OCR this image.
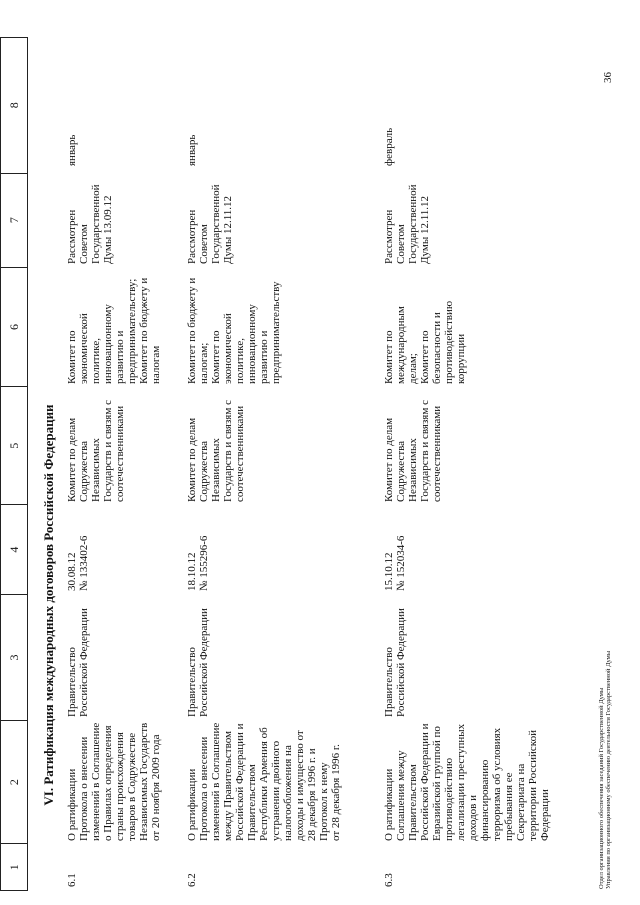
1
2
3
4
5
6
7
8
VI. Ратификация международных договоров Российской Федерации
6.1
О ратификации
Протокола о внесении
изменений в Соглашение
о Правилах определения
страны происхождения
товаров в Содружестве
Независимых Государств
от 20 ноября 2009 года
Правительство
Российской Федерации
30.08.12
№ 133402-6
Комитет по делам
Содружества
Независимых
Государств и связям с
соотечественниками
Комитет по
экономической
политике,
инновационному
развитию и
предпринимательству;
Комитет по бюджету и
налогам
Рассмотрен
Советом
Государственной
Думы 13.09.12
январь
6.2
О ратификации
Протокола о внесении
изменений в Соглашение
между Правительством
Российской Федерации и
Правительством
Республики Армения об
устранении двойного
налогообложения на
доходы и имущество от
28 декабря 1996 г. и
Протокол к нему
от 28 декабря 1996 г.
Правительство
Российской Федерации
18.10.12
№ 155296-6
Комитет по делам
Содружества
Независимых
Государств и связям с
соотечественниками
Комитет по бюджету и
налогам;
Комитет по
экономической
политике,
инновационному
развитию и
предпринимательству
Рассмотрен
Советом
Государственной
Думы 12.11.12
январь
6.3
О ратификации
Соглашения между
Правительством
Российской Федерации и
Евразийской группой по
противодействию
легализации преступных
доходов и
финансированию
терроризма об условиях
пребывания ее
Секретариата на
территории Российской
Федерации
Правительство
Российской Федерации
15.10.12
№ 152034-6
Комитет по делам
Содружества
Независимых
Государств и связям с
соотечественниками
Комитет по
международным
делам;
Комитет по
безопасности и
противодействию
коррупции
Рассмотрен
Советом
Государственной
Думы 12.11.12
февраль
Отдел организационного обеспечения заседаний Государственной Думы
Управления по организационному обеспечению деятельности Государственной Думы
36
